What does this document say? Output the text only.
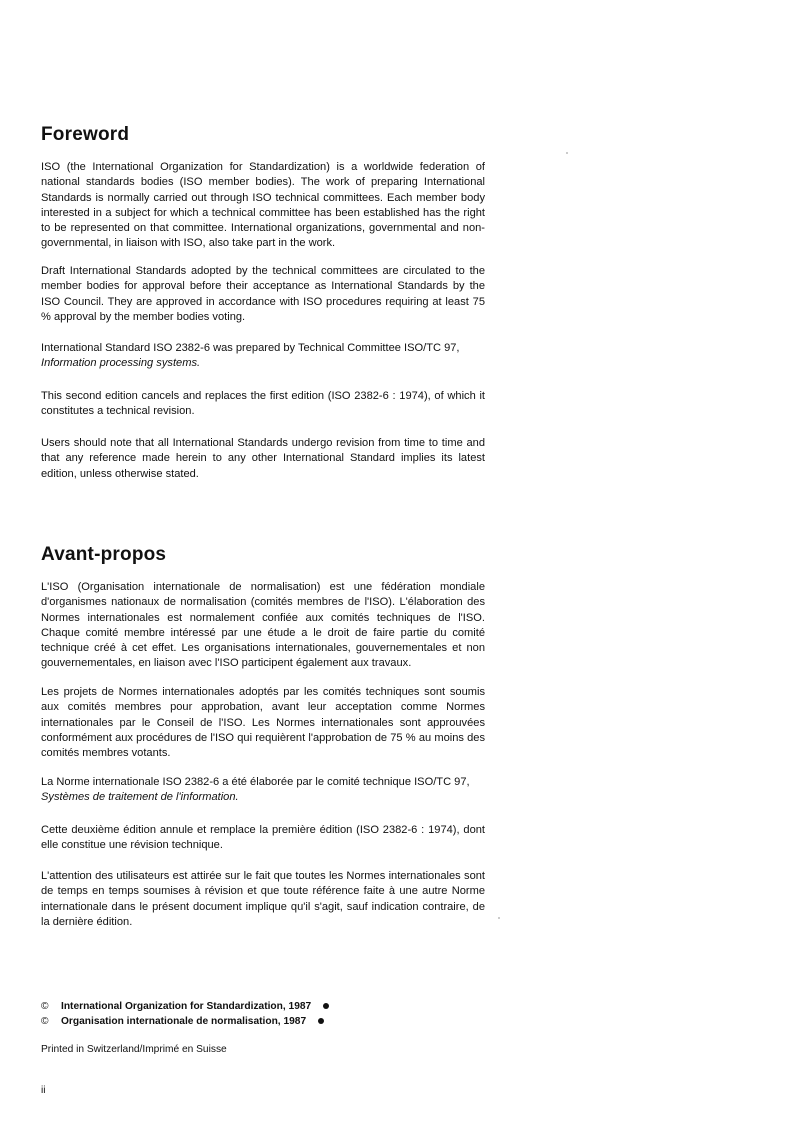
Foreword

ISO (the International Organization for Standardization) is a worldwide federation of national standards bodies (ISO member bodies). The work of preparing International Standards is normally carried out through ISO technical committees. Each member body interested in a subject for which a technical committee has been established has the right to be represented on that committee. International organizations, governmental and non-governmental, in liaison with ISO, also take part in the work.

Draft International Standards adopted by the technical committees are circulated to the member bodies for approval before their acceptance as International Standards by the ISO Council. They are approved in accordance with ISO procedures requiring at least 75 % approval by the member bodies voting.

International Standard ISO 2382-6 was prepared by Technical Committee ISO/TC 97,
Information processing systems.

This second edition cancels and replaces the first edition (ISO 2382-6 : 1974), of which it constitutes a technical revision.

Users should note that all International Standards undergo revision from time to time and that any reference made herein to any other International Standard implies its latest edition, unless otherwise stated.

Avant-propos

L'ISO (Organisation internationale de normalisation) est une fédération mondiale d'organismes nationaux de normalisation (comités membres de l'ISO). L'élaboration des Normes internationales est normalement confiée aux comités techniques de l'ISO. Chaque comité membre intéressé par une étude a le droit de faire partie du comité technique créé à cet effet. Les organisations internationales, gouvernementales et non gouvernementales, en liaison avec l'ISO participent également aux travaux.

Les projets de Normes internationales adoptés par les comités techniques sont soumis aux comités membres pour approbation, avant leur acceptation comme Normes internationales par le Conseil de l'ISO. Les Normes internationales sont approuvées conformément aux procédures de l'ISO qui requièrent l'approbation de 75 % au moins des comités membres votants.

La Norme internationale ISO 2382-6 a été élaborée par le comité technique ISO/TC 97,
Systèmes de traitement de l'information.

Cette deuxième édition annule et remplace la première édition (ISO 2382-6 : 1974), dont elle constitue une révision technique.

L'attention des utilisateurs est attirée sur le fait que toutes les Normes internationales sont de temps en temps soumises à révision et que toute référence faite à une autre Norme internationale dans le présent document implique qu'il s'agit, sauf indication contraire, de la dernière édition.

© International Organization for Standardization, 1987
© Organisation internationale de normalisation, 1987
Printed in Switzerland/Imprimé en Suisse
ii
